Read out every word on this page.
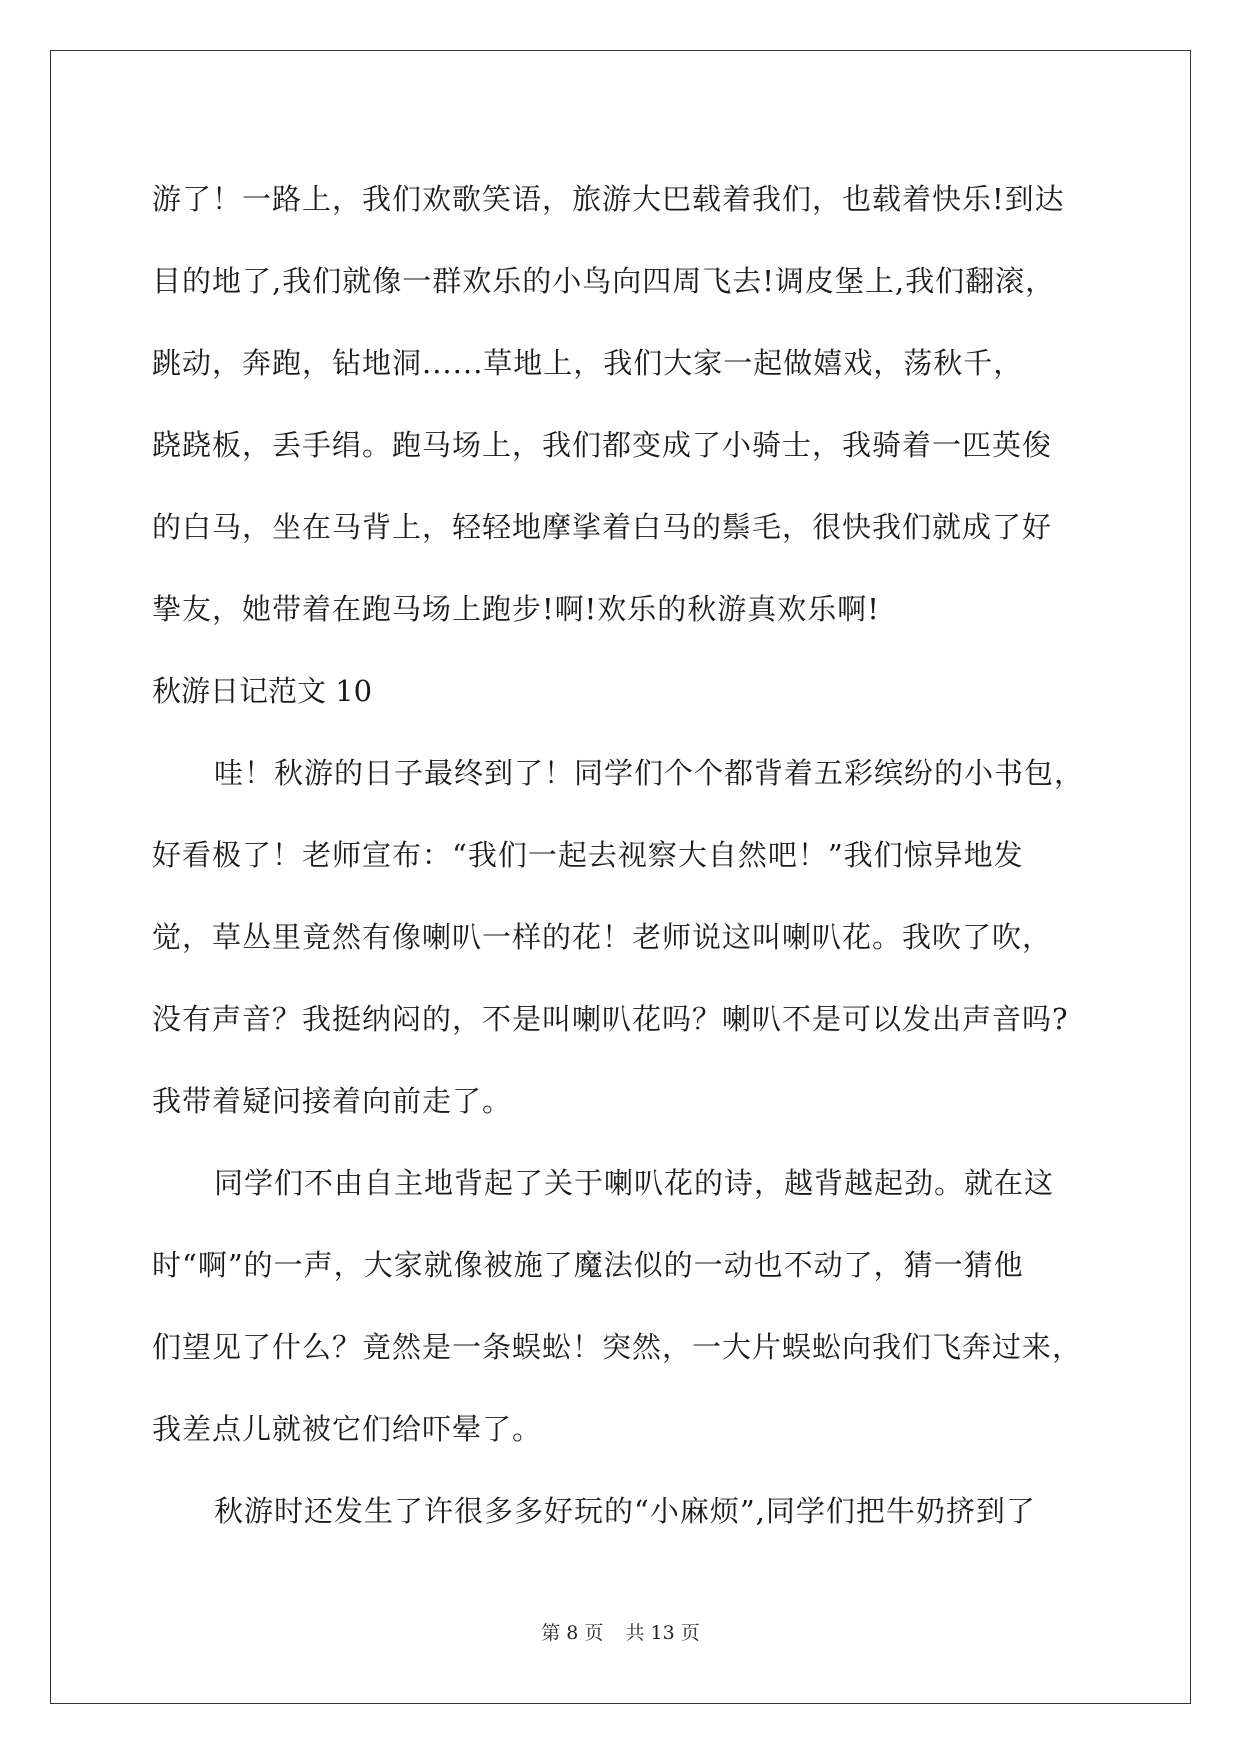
游了！一路上，我们欢歌笑语，旅游大巴载着我们，也载着快乐!到达
目的地了,我们就像一群欢乐的小鸟向四周飞去!调皮堡上,我们翻滚，
跳动，奔跑，钻地洞......草地上，我们大家一起做嬉戏，荡秋千，
跷跷板，丢手绢。跑马场上，我们都变成了小骑士，我骑着一匹英俊
的白马，坐在马背上，轻轻地摩挲着白马的鬃毛，很快我们就成了好
挚友，她带着在跑马场上跑步!啊!欢乐的秋游真欢乐啊!
秋游日记范文 10
哇！秋游的日子最终到了！同学们个个都背着五彩缤纷的小书包，
好看极了！老师宣布：“我们一起去视察大自然吧！”我们惊异地发
觉，草丛里竟然有像喇叭一样的花！老师说这叫喇叭花。我吹了吹，
没有声音？我挺纳闷的，不是叫喇叭花吗？喇叭不是可以发出声音吗?
我带着疑问接着向前走了。
同学们不由自主地背起了关于喇叭花的诗，越背越起劲。就在这
时“啊”的一声，大家就像被施了魔法似的一动也不动了，猜一猜他
们望见了什么？竟然是一条蜈蚣！突然，一大片蜈蚣向我们飞奔过来，
我差点儿就被它们给吓晕了。
秋游时还发生了许很多多好玩的“小麻烦”,同学们把牛奶挤到了
第 8 页 共 13 页
